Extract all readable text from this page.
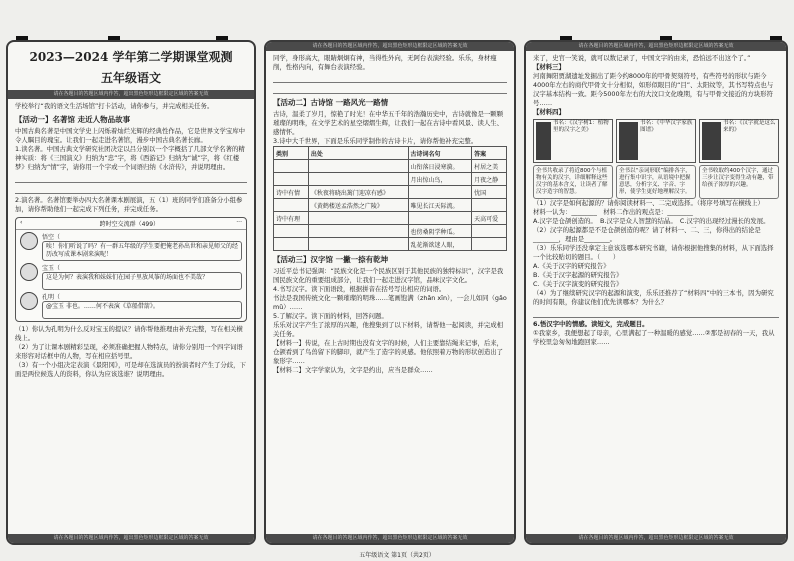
2023—2024 学年第二学期课堂观测
五年级语文
请在各题目的答题区域内作答，超出黑色矩形边框限定区域的答案无效

学校举行“我的语文生活场馆”打卡活动，请你参与，并完成相关任务。

【活动一】名著馆 走近人物品故事

中国古典名著是中国文学史上闪烁着灿烂光辉的经典性作品，它是世界文学宝库中令人瞩目的瑰宝。让我们一起走进名著馆，漫步中国古典名著长廊。

1.读名著。中国古典文学研究社团决定以吕分别以一个字概括了几部文学名著的精神实质：将《三国演义》归纳为“忠”字，将《西游记》归纳为“诚”字，将《红楼梦》归纳为“情”字，请你用一个字或一个词语归纳《水浒传》，并说明理由。

2.演名著。名著馆要举办四大名著课本剧展演，五（1）班的同学们准备分小组参加，请你帮助他们一起完成下列任务，并完成任务。

‹	跨时空交流群（499）	···
悟空（
唉！你们听说了吗？有一群五年级的学生要把俺老孙出世和亲见师父的经历改写成课本剧来演呢！
宝玉（
这是为何？表演我和妹妹们在园子里放风筝的场面也不美哉？
孔明（
@宝玉 非也。……何不表演《草船借箭》。

（1）你认为孔明为什么反对宝玉的提议？请你帮他推理由补充完整，写在相关横线上。

（2）为了让课本剧精彩呈现，必须准确把握人物特点，请你分别用一个四字词语来形容对话框中的人物，写在相应括号里。

（3）有一个小组决定表演《景阳冈》，可是却在选演员的扮演者时产生了分歧，下面是两位候选人的资料，你认为应该选谁？说明理由。

请在各题目的答题区域内作答，超出黑色矩形边框限定区域的答案无效
请在各题目的答题区域内作答，超出黑色矩形边框限定区域的答案无效

同学，身形高大，眼睛炯炯有神，当得性外向，无阿台表演经验。乐乐，身材瘦削，性格内向，有舞台表演经验。

【活动二】古诗馆 一路风光一路情

古诗，温柔了岁月，惊艳了时光！在中华五千年的浩瀚历史中，古诗就像是一颗颗璀璨的明珠，在文学艺术的星空熠熠生辉，让我们一起在古诗中看风景、读人生、感情怀。

3.诗中大千世界，下面是乐乐同学制作的古诗卡片，请你帮他补充完整。

类别	出处	古诗词名句	答案
		山衔落日浸寒漪。	村居之美
		月出惊山鸟，	月夜之静
诗中有情	《秋夜将晓出篱门迎凉有感》		忧国
	《黄鹤楼送孟浩然之广陵》	唯见长江天际流。	
诗中有理			天高可爱
		也傍桑阴学种瓜。	
		乱花渐欲迷人眼，	

【活动三】汉字馆 一撇一捺有乾坤

习近平总书记强调：“民族文化是一个民族区别于其他民族的独特标识”，汉字是我国民族文化的重要组成部分，让我们一起走进汉字馆，品味汉字文化。

4.书写汉字。读下面语段，根据拼音在括号写出相应的词语。

书法是我国传统文化一颗璀璨的明珠……笔画饱满（zhǎn xīn），一会儿如同（gǎo mǔ）……

5.了解汉字。读下面的材料，回答问题。

乐乐对汉字产生了浓厚的兴趣，他搜集到了以下材料，请帮他一起阅读，并完成相关任务。

【材料一】传说，在上古时期也没有文字的时候，人们主要靠结绳来记事，后来，仓颉看到了鸟兽留下的脚印，就产生了造字的灵感。他依照着万物的形状创造出了象形字……

【材料二】文字学家认为，文字是约出，应当是群众……

请在各题目的答题区域内作答，超出黑色矩形边框限定区域的答案无效
请在各题目的答题区域内作答，超出黑色矩形边框限定区域的答案无效

来了，史官一笑说，就可以数记录了，中国文字的由来，恐怕远不出这个了。”

【材料三】

河南舞阳贾湖遗址发掘出了距今约8000年的甲骨契刻符号，有些符号的形状与距今4000年左右的商代甲骨文十分相似，如形似眼目的“目”、太阳纹等，其书写特点也与汉字基本结构一致。距今5000年左右的大汶口文化晚期，有与甲骨文接近的方块形符号……

【材料四】

书名：《汉字树1：植物里的汉字之美》
书名：《中华汉字家族图谱》
书名：《汉字就是这么来的》
全书共收录了将近800个与植物有关的汉字，详细解释这些汉字的基本含义，让读者了解汉字造字的智慧。
全书以“亲词形联”编排各字，进行集中识字，从语境中把握意思，分析字义、字音、字形，使学生更好地理解汉字。
全书收取约400个汉字，通过三步让汉字变得生动有趣，带给孩子浓厚的兴趣。

（1）汉字是如何起源的？请你阅读材料一、二完成选择。（将序号填写在横线上）

材料一认为：________　材料二作出的观点是：________

A.汉字是仓颉创造的。　B.汉字是众人智慧的结晶。　C.汉字的出现经过漫长的发展。

（2）汉字的起源都是不是仓颉创造的呢？请了材料一、二、三，你得出的结论是________，理由是________。

（3）乐乐同学还没拿定主意该选哪本研究书籍，请你根据他搜集的材料，从下面选择一个比较贴切的题目。（　　）

A.《关于汉字的研究报告》

B.《关于汉字起源的研究报告》

C.《关于汉字演变的研究报告》

（4）为了继续研究汉字的起源和演变，乐乐还推荐了“材料四”中的三本书，因为研究的时间有限，你建议他们优先读哪本？为什么？

6.悟汉字中的情感。读短文，完成题目。

①我家乡，我便想起了母亲，心里满起了一种温暖的感觉……②那是初春的一天，我从学校里急匆匆地跑回家……

请在各题目的答题区域内作答，超出黑色矩形边框限定区域的答案无效
五年级语文 第1页（共2页）
